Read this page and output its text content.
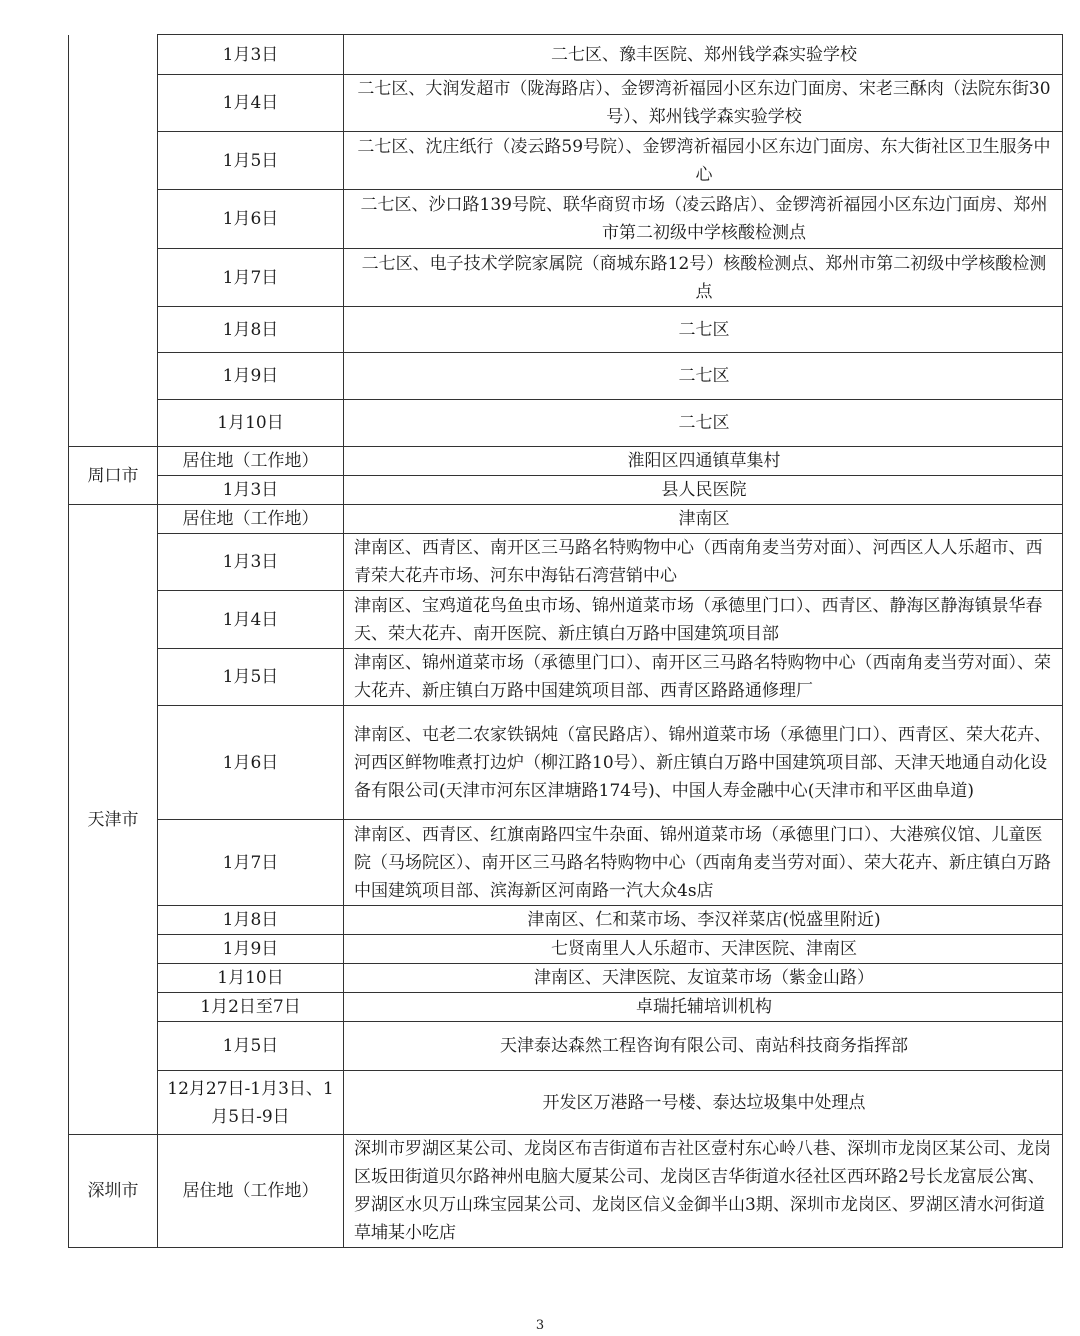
	1月3日	二七区、豫丰医院、郑州钱学森实验学校
	1月4日	二七区、大润发超市（陇海路店）、金锣湾祈福园小区东边门面房、宋老三酥肉（法院东街30号）、郑州钱学森实验学校
	1月5日	二七区、沈庄纸行（凌云路59号院）、金锣湾祈福园小区东边门面房、东大街社区卫生服务中心
	1月6日	二七区、沙口路139号院、联华商贸市场（凌云路店）、金锣湾祈福园小区东边门面房、郑州市第二初级中学核酸检测点
	1月7日	二七区、电子技术学院家属院（商城东路12号）核酸检测点、郑州市第二初级中学核酸检测点
	1月8日	二七区
	1月9日	二七区
	1月10日	二七区
周口市	居住地（工作地）	淮阳区四通镇草集村
	1月3日	县人民医院
天津市	居住地（工作地）	津南区
	1月3日	津南区、西青区、南开区三马路名特购物中心（西南角麦当劳对面）、河西区人人乐超市、西青荣大花卉市场、河东中海钻石湾营销中心
	1月4日	津南区、宝鸡道花鸟鱼虫市场、锦州道菜市场（承德里门口）、西青区、静海区静海镇景华春天、荣大花卉、南开医院、新庄镇白万路中国建筑项目部
	1月5日	津南区、锦州道菜市场（承德里门口）、南开区三马路名特购物中心（西南角麦当劳对面）、荣大花卉、新庄镇白万路中国建筑项目部、西青区路路通修理厂
	1月6日	津南区、屯老二农家铁锅炖（富民路店）、锦州道菜市场（承德里门口）、西青区、荣大花卉、河西区鲜物唯煮打边炉（柳江路10号）、新庄镇白万路中国建筑项目部、天津天地通自动化设备有限公司(天津市河东区津塘路174号)、中国人寿金融中心(天津市和平区曲阜道)
	1月7日	津南区、西青区、红旗南路四宝牛杂面、锦州道菜市场（承德里门口）、大港殡仪馆、儿童医院（马场院区）、南开区三马路名特购物中心（西南角麦当劳对面）、荣大花卉、新庄镇白万路中国建筑项目部、滨海新区河南路一汽大众4s店
	1月8日	津南区、仁和菜市场、李汉祥菜店(悦盛里附近)
	1月9日	七贤南里人人乐超市、天津医院、津南区
	1月10日	津南区、天津医院、友谊菜市场（紫金山路）
	1月2日至7日	卓瑞托辅培训机构
	1月5日	天津泰达森然工程咨询有限公司、南站科技商务指挥部
	12月27日-1月3日、1月5日-9日	开发区万港路一号楼、泰达垃圾集中处理点
深圳市	居住地（工作地）	深圳市罗湖区某公司、龙岗区布吉街道布吉社区壹村东心岭八巷、深圳市龙岗区某公司、龙岗区坂田街道贝尔路神州电脑大厦某公司、龙岗区吉华街道水径社区西环路2号长龙富辰公寓、罗湖区水贝万山珠宝园某公司、龙岗区信义金御半山3期、深圳市龙岗区、罗湖区清水河街道草埔某小吃店
3
